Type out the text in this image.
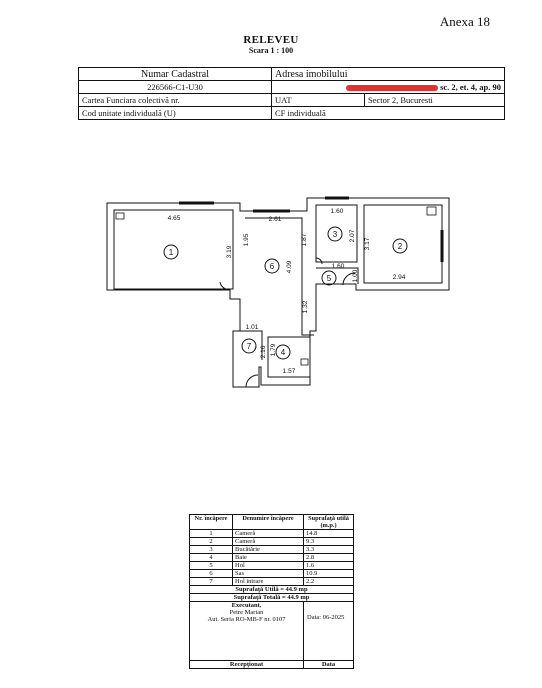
Anexa 18
RELEVEU
Scara 1 : 100
Numar Cadastral	Adresa imobilului	
226566-C1-U30	sc. 2, et. 4, ap. 90	
Cartea Funciara colectivă nr.	UAT	Sector 2, Bucuresti
Cod unitate individuală (U)	CF individuală	
1
2
3
4
5
6
7
4.65
3.19
2.61
1.95
4.09
1.87
1.32
1.60
2.07
1.60
1.00
3.17
2.94
1.01
2.16 1.79
1.57
Nr. încăpere	Denumire încăpere	Suprafaţă utilă (m.p.)
1	Cameră	14.8
2	Cameră	9.3
3	Bucătărie	3.3
4	Baie	2.8
5	Hol	1.6
6	Sas	10.9
7	Hol intrare	2.2
Suprafaţă Utilă = 44.9 mp		
Suprafaţă Totală = 44.9 mp		

Executant,
Petre Marian
Aut. Seria RO-MB-F nr. 0107		Data: 06-2025

Recepţionat		Data
